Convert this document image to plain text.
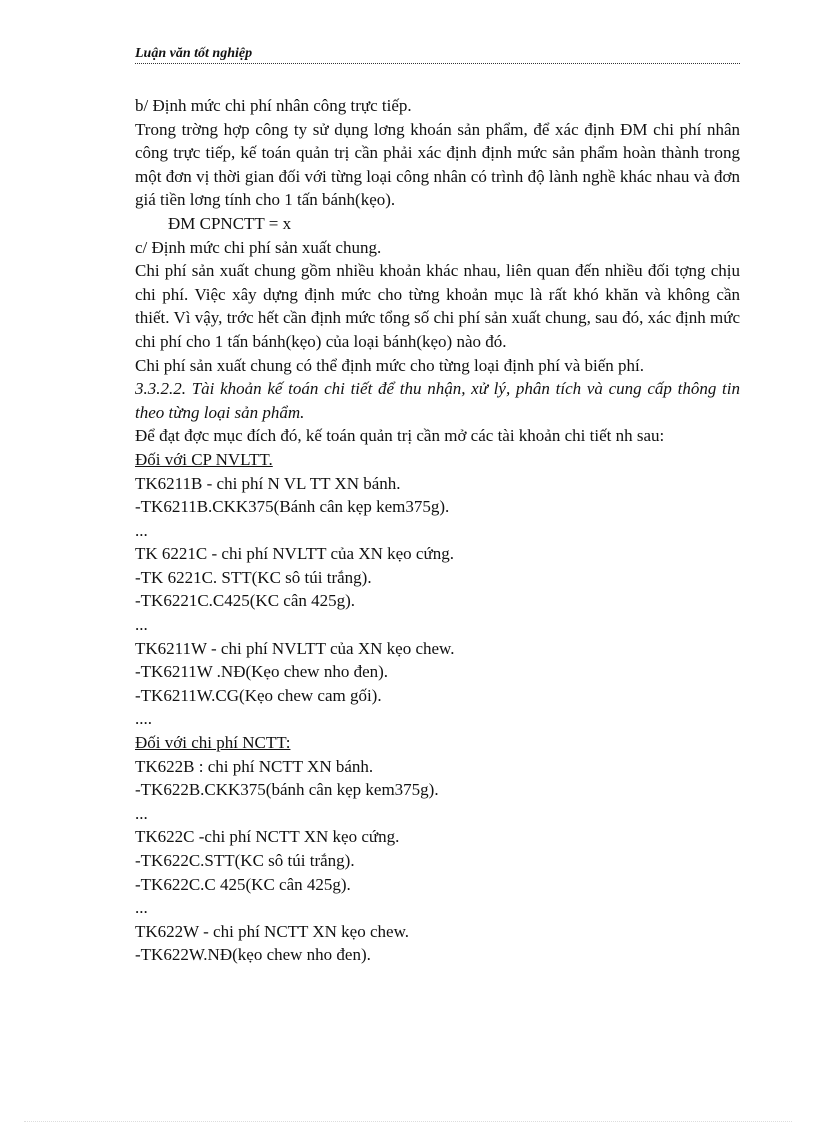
Luận văn tốt nghiệp

b/ Định mức chi phí nhân công trực tiếp.

Trong trờng hợp công ty sử dụng lơng khoán sản phẩm, để xác định ĐM chi phí nhân công trực tiếp, kế toán quản trị cần phải xác định định mức sản phẩm hoàn thành trong một đơn vị thời gian đối với từng loại công nhân có trình độ lành nghề khác nhau và đơn giá tiền lơng tính cho 1 tấn bánh(kẹo).

ĐM CPNCTT = x

c/ Định mức chi phí sản xuất chung.

Chi phí sản xuất chung gồm nhiều khoản khác nhau, liên quan đến nhiều đối tợng chịu chi phí. Việc xây dựng định mức cho từng khoản mục là rất khó khăn và không cần thiết. Vì vậy, trớc hết cần định mức tổng số chi phí sản xuất chung, sau đó, xác định mức chi phí cho 1 tấn bánh(kẹo) của loại bánh(kẹo) nào đó.

Chi phí sản xuất chung có thể định mức cho từng loại định phí và biến phí.

3.3.2.2. Tài khoản kế toán chi tiết để thu nhận, xử lý, phân tích và cung cấp thông tin theo từng loại sản phẩm.

Để đạt đợc mục đích đó, kế toán quản trị cần mở các tài khoản chi tiết nh sau:

Đối với CP NVLTT.

TK6211B - chi phí N VL TT XN bánh.

-TK6211B.CKK375(Bánh cân kẹp kem375g).

...

TK 6221C - chi phí NVLTT của XN kẹo cứng.

-TK 6221C. STT(KC sô túi trắng).

-TK6221C.C425(KC cân 425g).

...

TK6211W - chi phí NVLTT của XN kẹo chew.

-TK6211W .NĐ(Kẹo chew nho đen).

-TK6211W.CG(Kẹo chew cam gối).

....

Đối với chi phí NCTT:

TK622B : chi phí NCTT XN bánh.

-TK622B.CKK375(bánh cân kẹp kem375g).

...

TK622C -chi phí NCTT XN kẹo cứng.

-TK622C.STT(KC sô túi trắng).

-TK622C.C 425(KC cân 425g).

...

TK622W - chi phí NCTT XN kẹo chew.

-TK622W.NĐ(kẹo chew nho đen).
